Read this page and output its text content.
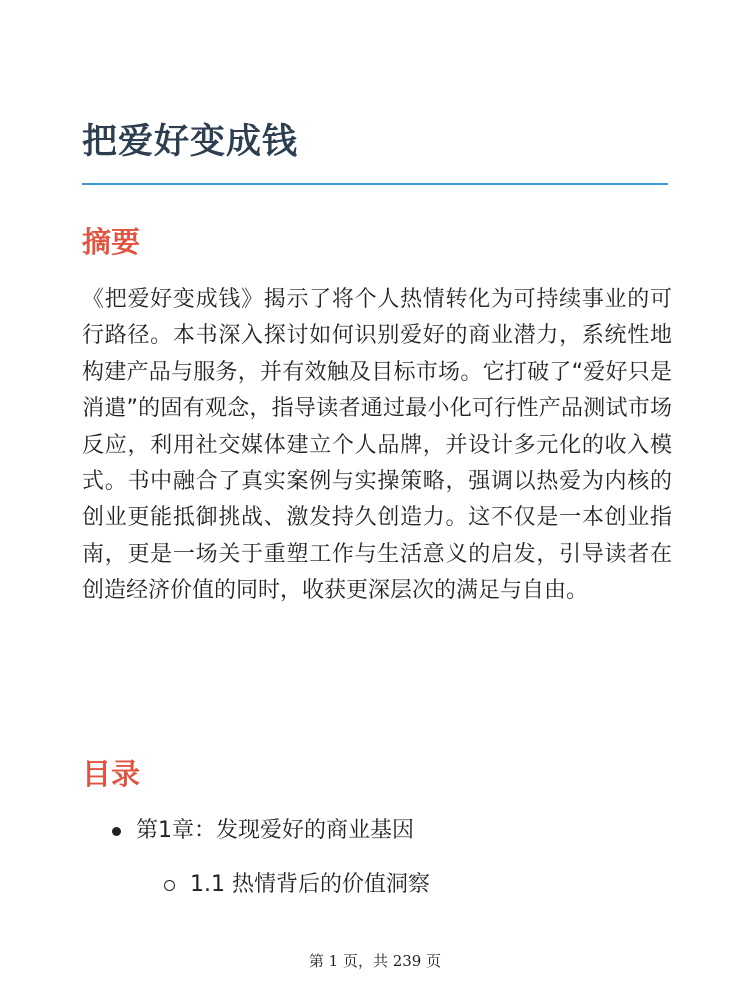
把爱好变成钱
摘要

《把爱好变成钱》揭示了将个人热情转化为可持续事业的可行路径。本书深入探讨如何识别爱好的商业潜力，系统性地构建产品与服务，并有效触及目标市场。它打破了“爱好只是消遣”的固有观念，指导读者通过最小化可行性产品测试市场反应，利用社交媒体建立个人品牌，并设计多元化的收入模式。书中融合了真实案例与实操策略，强调以热爱为内核的创业更能抵御挑战、激发持久创造力。这不仅是一本创业指南，更是一场关于重塑工作与生活意义的启发，引导读者在创造经济价值的同时，收获更深层次的满足与自由。

目录
第1章：发现爱好的商业基因
1.1 热情背后的价值洞察
第 1 页，共 239 页
